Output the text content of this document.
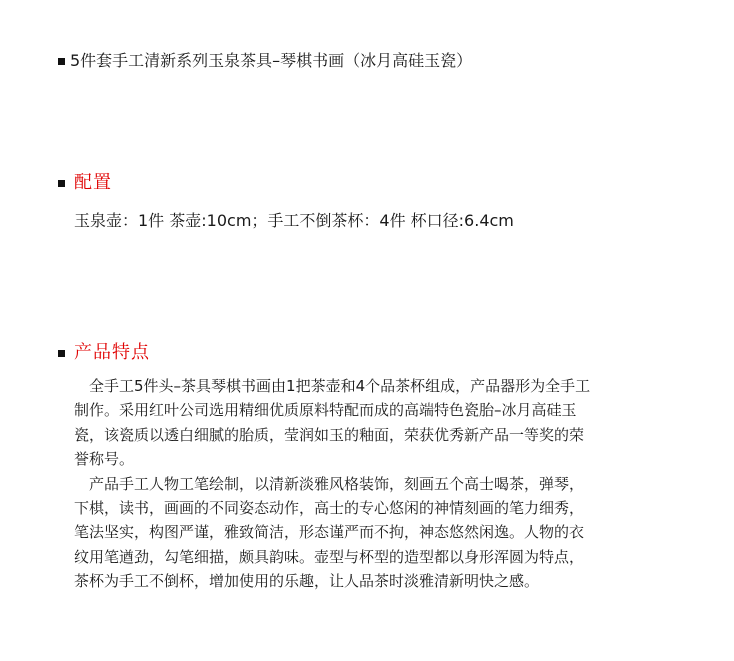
5件套手工清新系列玉泉茶具–琴棋书画（冰月高硅玉瓷）
配置
玉泉壶：1件 茶壶:10cm；手工不倒茶杯：4件 杯口径:6.4cm
产品特点
　全手工5件头–茶具琴棋书画由1把茶壶和4个品茶杯组成，产品器形为全手工
制作。采用红叶公司选用精细优质原料特配而成的高端特色瓷胎–冰月高硅玉
瓷，该瓷质以透白细腻的胎质，莹润如玉的釉面，荣获优秀新产品一等奖的荣
誉称号。
　产品手工人物工笔绘制，以清新淡雅风格装饰，刻画五个高士喝茶，弹琴，
下棋，读书，画画的不同姿态动作，高士的专心悠闲的神情刻画的笔力细秀，
笔法坚实，构图严谨，雅致简洁，形态谨严而不拘，神态悠然闲逸。人物的衣
纹用笔遒劲，勾笔细描，颇具韵味。壶型与杯型的造型都以身形浑圆为特点，
茶杯为手工不倒杯，增加使用的乐趣，让人品茶时淡雅清新明快之感。
